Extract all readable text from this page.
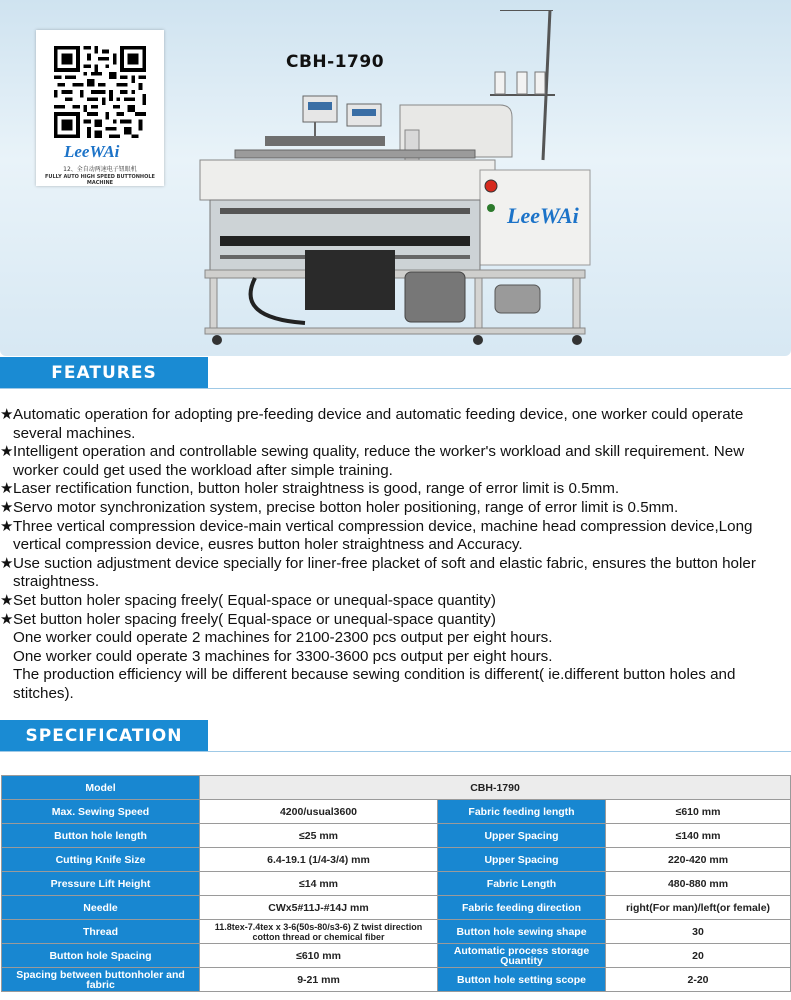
LeeWAi
12、全自动两速电子钮眼机
FULLY AUTO HIGH SPEED BUTTONHOLE MACHINE
CBH-1790
LeeWAi
FEATURES

★ Automatic operation for adopting pre-feeding device and automatic feeding device, one worker could operate several machines.

★ Intelligent operation and controllable sewing quality, reduce the worker's workload and skill requirement. New worker could get used the workload after simple training.

★ Laser rectification function, button holer straightness is good, range of error limit is 0.5mm.

★ Servo motor synchronization system, precise botton holer positioning, range of error limit is 0.5mm.

★ Three vertical compression device-main vertical compression device, machine head compression device,Long vertical compression device, eusres button holer straightness and Accuracy.

★ Use suction adjustment device specially for liner-free placket of soft and elastic fabric, ensures the button holer straightness.

★ Set button holer spacing freely( Equal-space or unequal-space quantity)

★ Set button holer spacing freely( Equal-space or unequal-space quantity)

One worker could operate 2 machines for 2100-2300 pcs output per eight hours.

One worker could operate 3 machines for 3300-3600 pcs output per eight hours.

The production efficiency will be different because sewing condition is different( ie.different button holes and stitches).

SPECIFICATION
Model	CBH-1790		
Max. Sewing Speed	4200/usual3600	Fabric feeding length	≤610 mm
Button hole length	≤25 mm	Upper Spacing	≤140 mm
Cutting Knife Size	6.4-19.1 (1/4-3/4) mm	Upper Spacing	220-420 mm
Pressure Lift Height	≤14 mm	Fabric Length	480-880 mm
Needle	CWx5#11J-#14J mm	Fabric feeding direction	right(For man)/left(or female)
Thread	11.8tex-7.4tex x 3-6(50s-80/s3-6) Z twist direction cotton thread or chemical fiber	Button hole sewing shape	30
Button hole Spacing	≤610 mm	Automatic process storage Quantity	20
Spacing between buttonholer and fabric	9-21 mm	Button hole setting scope	2-20
